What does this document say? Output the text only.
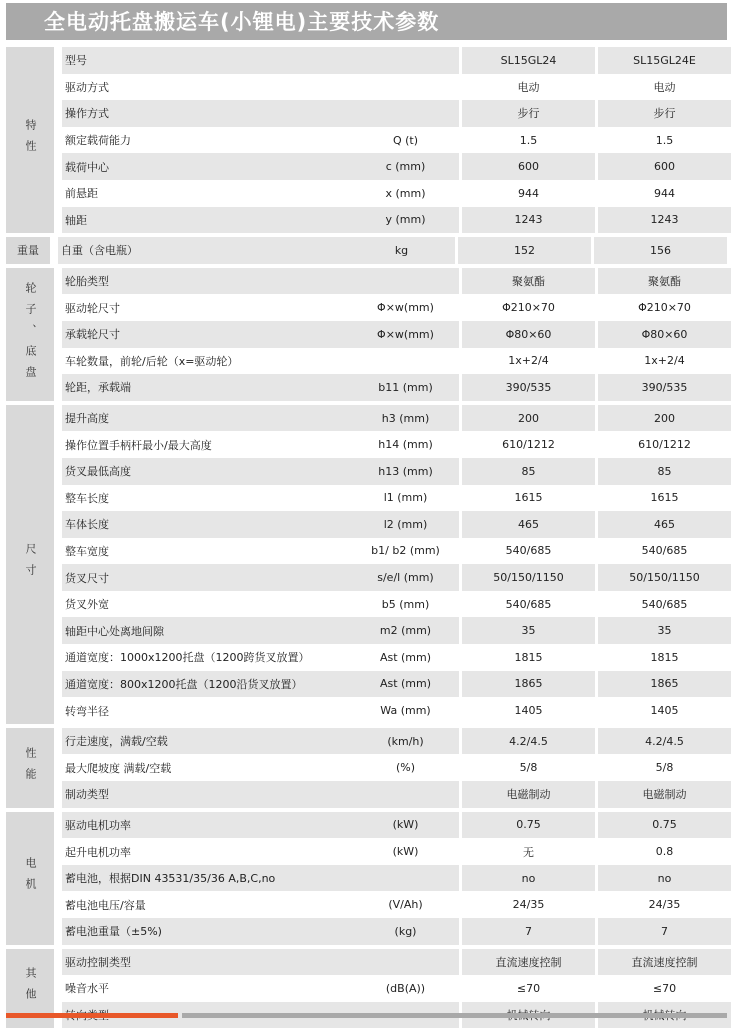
全电动托盘搬运车(小锂电)主要技术参数
特性
型号	SL15GL24	SL15GL24E
驱动方式	电动	电动
操作方式	步行	步行
额定载荷能力	Q (t)	1.5	1.5
载荷中心	c (mm)	600	600
前悬距	x (mm)	944	944
轴距	y (mm)	1243	1243
重量	自重（含电瓶）	kg	152	156
轮子、底盘
轮胎类型	聚氨酯	聚氨酯
驱动轮尺寸	Φ×w(mm)	Φ210×70	Φ210×70
承载轮尺寸	Φ×w(mm)	Φ80×60	Φ80×60
车轮数量，前轮/后轮（x=驱动轮）	1x+2/4	1x+2/4
轮距，承载端	b11 (mm)	390/535	390/535
尺寸
提升高度	h3 (mm)	200	200
操作位置手柄杆最小/最大高度	h14 (mm)	610/1212	610/1212
货叉最低高度	h13 (mm)	85	85
整车长度	l1 (mm)	1615	1615
车体长度	l2 (mm)	465	465
整车宽度	b1/ b2 (mm)	540/685	540/685
货叉尺寸	s/e/l (mm)	50/150/1150	50/150/1150
货叉外宽	b5 (mm)	540/685	540/685
轴距中心处离地间隙	m2 (mm)	35	35
通道宽度：1000x1200托盘（1200跨货叉放置）	Ast (mm)	1815	1815
通道宽度：800x1200托盘（1200沿货叉放置）	Ast (mm)	1865	1865
转弯半径	Wa (mm)	1405	1405
性能
行走速度，满载/空载	(km/h)	4.2/4.5	4.2/4.5
最大爬坡度 满载/空载	(%)	5/8	5/8
制动类型	电磁制动	电磁制动
电机
驱动电机功率	(kW)	0.75	0.75
起升电机功率	(kW)	无	0.8
蓄电池，根据DIN 43531/35/36 A,B,C,no	no	no
蓄电池电压/容量	(V/Ah)	24/35	24/35
蓄电池重量（±5%)	(kg)	7	7
其他
驱动控制类型	直流速度控制	直流速度控制
噪音水平	(dB(A))	≤70	≤70
